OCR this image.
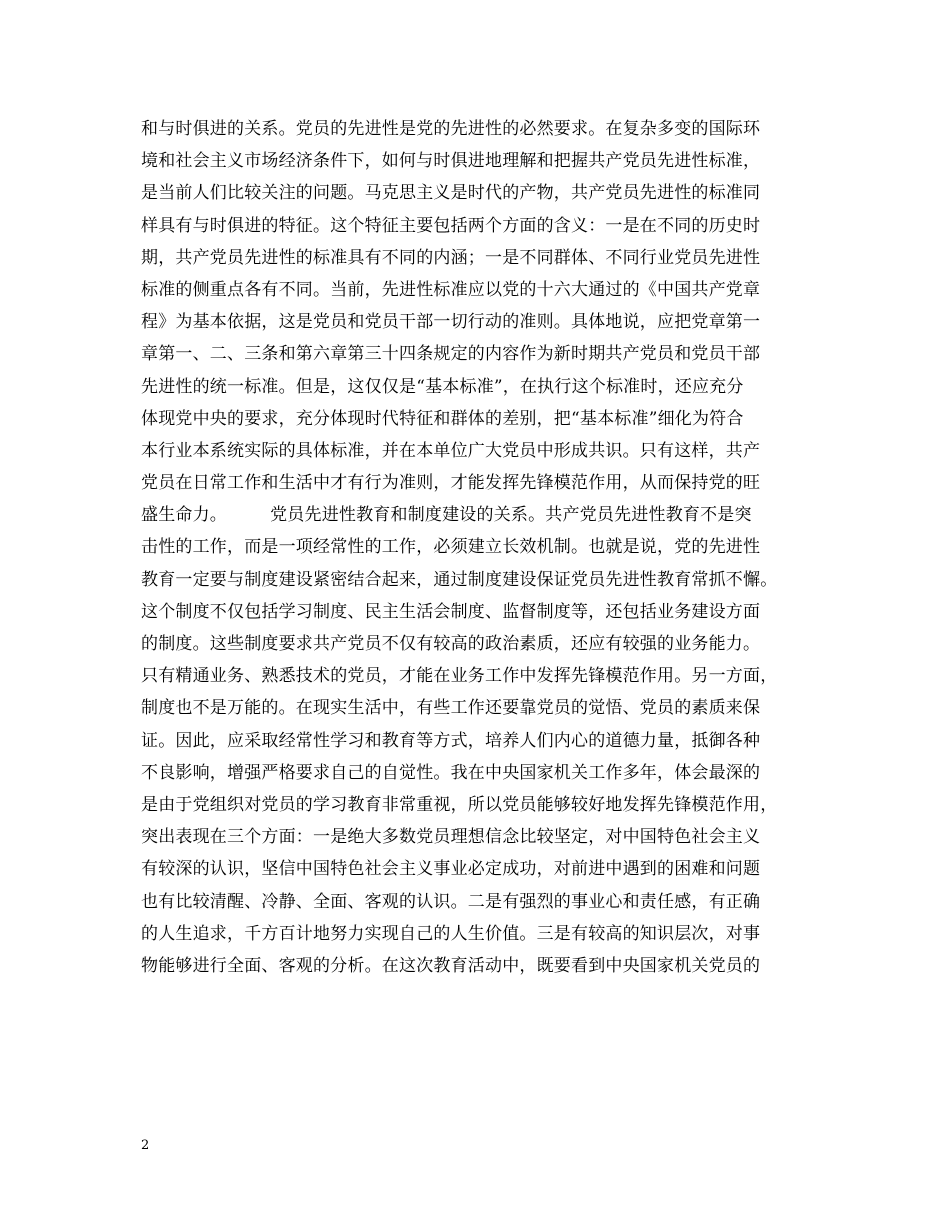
和与时俱进的关系。党员的先进性是党的先进性的必然要求。在复杂多变的国际环
境和社会主义市场经济条件下，如何与时俱进地理解和把握共产党员先进性标准，
是当前人们比较关注的问题。马克思主义是时代的产物，共产党员先进性的标准同
样具有与时俱进的特征。这个特征主要包括两个方面的含义：一是在不同的历史时
期，共产党员先进性的标准具有不同的内涵；一是不同群体、不同行业党员先进性
标准的侧重点各有不同。当前，先进性标准应以党的十六大通过的《中国共产党章
程》为基本依据，这是党员和党员干部一切行动的准则。具体地说，应把党章第一
章第一、二、三条和第六章第三十四条规定的内容作为新时期共产党员和党员干部
先进性的统一标准。但是，这仅仅是“基本标准”，在执行这个标准时，还应充分
体现党中央的要求，充分体现时代特征和群体的差别，把“基本标准”细化为符合
本行业本系统实际的具体标准，并在本单位广大党员中形成共识。只有这样，共产
党员在日常工作和生活中才有行为准则，才能发挥先锋模范作用，从而保持党的旺
盛生命力。　　　党员先进性教育和制度建设的关系。共产党员先进性教育不是突
击性的工作，而是一项经常性的工作，必须建立长效机制。也就是说，党的先进性
教育一定要与制度建设紧密结合起来，通过制度建设保证党员先进性教育常抓不懈。
这个制度不仅包括学习制度、民主生活会制度、监督制度等，还包括业务建设方面
的制度。这些制度要求共产党员不仅有较高的政治素质，还应有较强的业务能力。
只有精通业务、熟悉技术的党员，才能在业务工作中发挥先锋模范作用。另一方面，
制度也不是万能的。在现实生活中，有些工作还要靠党员的觉悟、党员的素质来保
证。因此，应采取经常性学习和教育等方式，培养人们内心的道德力量，抵御各种
不良影响，增强严格要求自己的自觉性。我在中央国家机关工作多年，体会最深的
是由于党组织对党员的学习教育非常重视，所以党员能够较好地发挥先锋模范作用，
突出表现在三个方面：一是绝大多数党员理想信念比较坚定，对中国特色社会主义
有较深的认识，坚信中国特色社会主义事业必定成功，对前进中遇到的困难和问题
也有比较清醒、冷静、全面、客观的认识。二是有强烈的事业心和责任感，有正确
的人生追求，千方百计地努力实现自己的人生价值。三是有较高的知识层次，对事
物能够进行全面、客观的分析。在这次教育活动中，既要看到中央国家机关党员的
2
